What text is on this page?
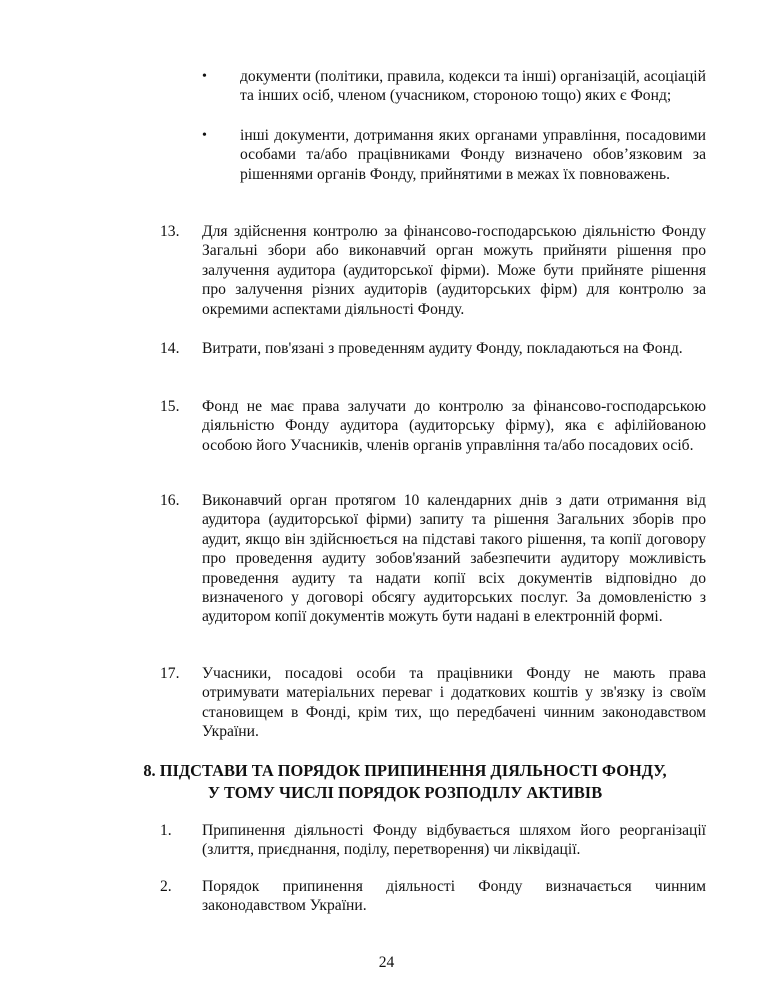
• документи (політики, правила, кодекси та інші) організацій, асоціацій та інших осіб, членом (учасником, стороною тощо) яких є Фонд;
• інші документи, дотримання яких органами управління, посадовими особами та/або працівниками Фонду визначено обов’язковим за рішеннями органів Фонду, прийнятими в межах їх повноважень.
13. Для здійснення контролю за фінансово-господарською діяльністю Фонду Загальні збори або виконавчий орган можуть прийняти рішення про залучення аудитора (аудиторської фірми). Може бути прийняте рішення про залучення різних аудиторів (аудиторських фірм) для контролю за окремими аспектами діяльності Фонду.
14. Витрати, пов'язані з проведенням аудиту Фонду, покладаються на Фонд.
15. Фонд не має права залучати до контролю за фінансово-господарською діяльністю Фонду аудитора (аудиторську фірму), яка є афілійованою особою його Учасників, членів органів управління та/або посадових осіб.
16. Виконавчий орган протягом 10 календарних днів з дати отримання від аудитора (аудиторської фірми) запиту та рішення Загальних зборів про аудит, якщо він здійснюється на підставі такого рішення, та копії договору про проведення аудиту зобов'язаний забезпечити аудитору можливість проведення аудиту та надати копії всіх документів відповідно до визначеного у договорі обсягу аудиторських послуг. За домовленістю з аудитором копії документів можуть бути надані в електронній формі.
17. Учасники, посадові особи та працівники Фонду не мають права отримувати матеріальних переваг і додаткових коштів у зв'язку із своїм становищем в Фонді, крім тих, що передбачені чинним законодавством України.
8. ПІДСТАВИ ТА ПОРЯДОК ПРИПИНЕННЯ ДІЯЛЬНОСТІ ФОНДУ,
У ТОМУ ЧИСЛІ ПОРЯДОК РОЗПОДІЛУ АКТИВІВ
1. Припинення діяльності Фонду відбувається шляхом його реорганізації (злиття, приєднання, поділу, перетворення) чи ліквідації.
2. Порядок припинення діяльності Фонду визначається чинним законодавством України.
24
